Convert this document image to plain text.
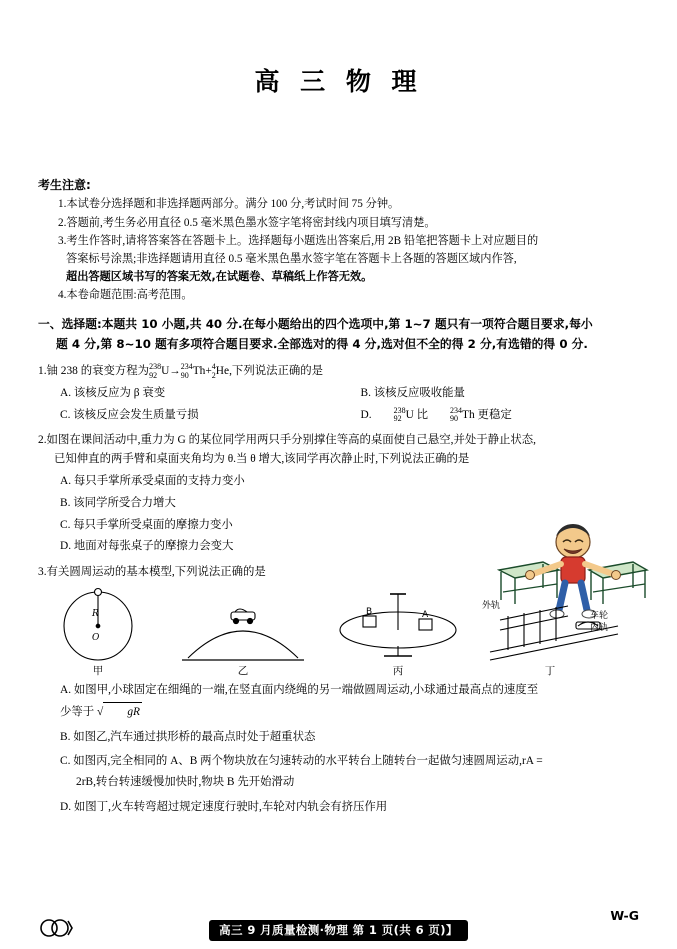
高 三 物 理
考生注意:
1.本试卷分选择题和非选择题两部分。满分 100 分,考试时间 75 分钟。
2.答题前,考生务必用直径 0.5 毫米黑色墨水签字笔将密封线内项目填写清楚。
3.考生作答时,请将答案答在答题卡上。选择题每小题选出答案后,用 2B 铅笔把答题卡上对应题目的
答案标号涂黑;非选择题请用直径 0.5 毫米黑色墨水签字笔在答题卡上各题的答题区域内作答,
超出答题区域书写的答案无效,在试题卷、草稿纸上作答无效。
4.本卷命题范围:高考范围。
一、选择题:本题共 10 小题,共 40 分.在每小题给出的四个选项中,第 1~7 题只有一项符合题目要求,每小
题 4 分,第 8~10 题有多项符合题目要求.全部选对的得 4 分,选对但不全的得 2 分,有选错的得 0 分.
1.铀 238 的衰变方程为 238
92 U→ 234
90 Th+ 4
2 He,下列说法正确的是
A. 该核反应为 β 衰变	B. 该核反应吸收能量
C. 该核反应会发生质量亏损	D.	238
92 U 比	234
90 Th 更稳定
2.如图在课间活动中,重力为 G 的某位同学用两只手分别撑住等高的桌面使自己悬空,并处于静止状态,
已知伸直的两手臂和桌面夹角均为 θ.当 θ 增大,该同学再次静止时,下列说法正确的是
A. 每只手掌所承受桌面的支持力变小
B. 该同学所受合力增大
C. 每只手掌所受桌面的摩擦力变小
D. 地面对每张桌子的摩擦力会变大
3.有关圆周运动的基本模型,下列说法正确的是
B	A
外轨
车轮
内轨
R
O
甲	乙	丙	丁
A. 如图甲,小球固定在细绳的一端,在竖直面内绕绳的另一端做圆周运动,小球通过最高点的速度至
少等于 √ gR
B. 如图乙,汽车通过拱形桥的最高点时处于超重状态
C. 如图丙,完全相同的 A、B 两个物块放在匀速转动的水平转台上随转台一起做匀速圆周运动,rA =
2rB,转台转速缓慢加快时,物块 B 先开始滑动
D. 如图丁,火车转弯超过规定速度行驶时,车轮对内轨会有挤压作用
高三 9 月质量检测·物理 第 1 页(共 6 页)】
W-G
